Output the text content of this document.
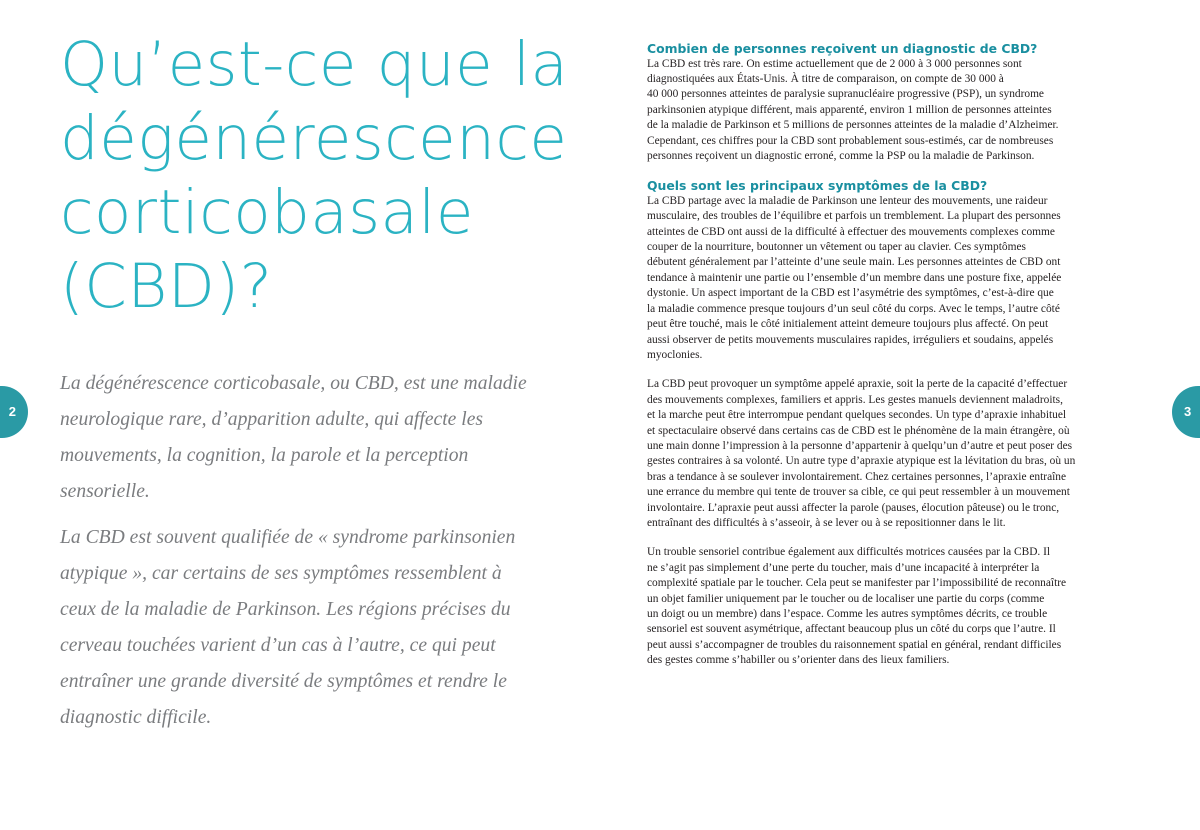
Qu’est-ce que la
dégénérescence
corticobasale
(CBD)?

La dégénérescence corticobasale, ou CBD, est une maladie
neurologique rare, d’apparition adulte, qui affecte les
mouvements, la cognition, la parole et la perception
sensorielle.

La CBD est souvent qualifiée de « syndrome parkinsonien
atypique », car certains de ses symptômes ressemblent à
ceux de la maladie de Parkinson. Les régions précises du
cerveau touchées varient d’un cas à l’autre, ce qui peut
entraîner une grande diversité de symptômes et rendre le
diagnostic difficile.

2
Combien de personnes reçoivent un diagnostic de CBD?

La CBD est très rare. On estime actuellement que de 2 000 à 3 000 personnes sont
diagnostiquées aux États-Unis. À titre de comparaison, on compte de 30 000 à
40 000 personnes atteintes de paralysie supranucléaire progressive (PSP), un syndrome
parkinsonien atypique différent, mais apparenté, environ 1 million de personnes atteintes
de la maladie de Parkinson et 5 millions de personnes atteintes de la maladie d’Alzheimer.
Cependant, ces chiffres pour la CBD sont probablement sous-estimés, car de nombreuses
personnes reçoivent un diagnostic erroné, comme la PSP ou la maladie de Parkinson.

Quels sont les principaux symptômes de la CBD?

La CBD partage avec la maladie de Parkinson une lenteur des mouvements, une raideur
musculaire, des troubles de l’équilibre et parfois un tremblement. La plupart des personnes
atteintes de CBD ont aussi de la difficulté à effectuer des mouvements complexes comme
couper de la nourriture, boutonner un vêtement ou taper au clavier. Ces symptômes
débutent généralement par l’atteinte d’une seule main. Les personnes atteintes de CBD ont
tendance à maintenir une partie ou l’ensemble d’un membre dans une posture fixe, appelée
dystonie. Un aspect important de la CBD est l’asymétrie des symptômes, c’est-à-dire que
la maladie commence presque toujours d’un seul côté du corps. Avec le temps, l’autre côté
peut être touché, mais le côté initialement atteint demeure toujours plus affecté. On peut
aussi observer de petits mouvements musculaires rapides, irréguliers et soudains, appelés
myoclonies.

La CBD peut provoquer un symptôme appelé apraxie, soit la perte de la capacité d’effectuer
des mouvements complexes, familiers et appris. Les gestes manuels deviennent maladroits,
et la marche peut être interrompue pendant quelques secondes. Un type d’apraxie inhabituel
et spectaculaire observé dans certains cas de CBD est le phénomène de la main étrangère, où
une main donne l’impression à la personne d’appartenir à quelqu’un d’autre et peut poser des
gestes contraires à sa volonté. Un autre type d’apraxie atypique est la lévitation du bras, où un
bras a tendance à se soulever involontairement. Chez certaines personnes, l’apraxie entraîne
une errance du membre qui tente de trouver sa cible, ce qui peut ressembler à un mouvement
involontaire. L’apraxie peut aussi affecter la parole (pauses, élocution pâteuse) ou le tronc,
entraînant des difficultés à s’asseoir, à se lever ou à se repositionner dans le lit.

Un trouble sensoriel contribue également aux difficultés motrices causées par la CBD. Il
ne s’agit pas simplement d’une perte du toucher, mais d’une incapacité à interpréter la
complexité spatiale par le toucher. Cela peut se manifester par l’impossibilité de reconnaître
un objet familier uniquement par le toucher ou de localiser une partie du corps (comme
un doigt ou un membre) dans l’espace. Comme les autres symptômes décrits, ce trouble
sensoriel est souvent asymétrique, affectant beaucoup plus un côté du corps que l’autre. Il
peut aussi s’accompagner de troubles du raisonnement spatial en général, rendant difficiles
des gestes comme s’habiller ou s’orienter dans des lieux familiers.

3
